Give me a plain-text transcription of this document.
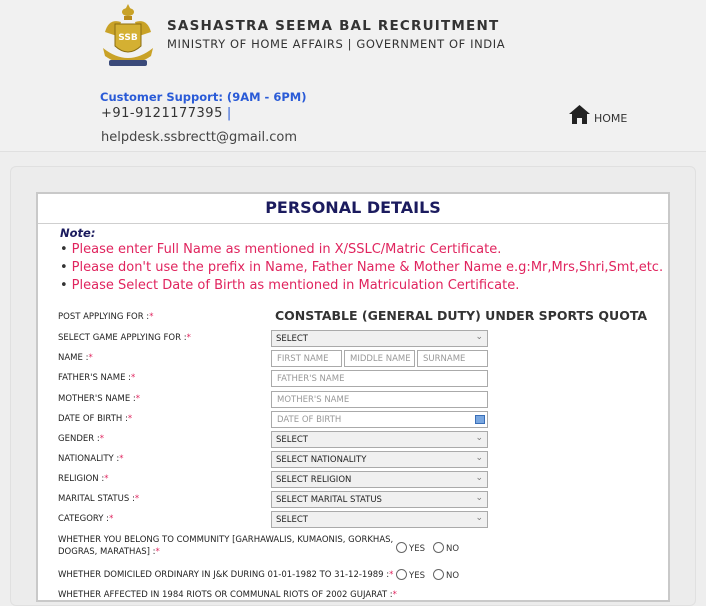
SSB
SASHASTRA SEEMA BAL RECRUITMENT
MINISTRY OF HOME AFFAIRS | GOVERNMENT OF INDIA
Customer Support: (9AM - 6PM)
+91-9121177395 |
helpdesk.ssbrectt@gmail.com
HOME
PERSONAL DETAILS
Note:
• Please enter Full Name as mentioned in X/SSLC/Matric Certificate.
• Please don't use the prefix in Name, Father Name & Mother Name e.g:Mr,Mrs,Shri,Smt,etc.
• Please Select Date of Birth as mentioned in Matriculation Certificate.
POST APPLYING FOR :*	CONSTABLE (GENERAL DUTY) UNDER SPORTS QUOTA
SELECT GAME APPLYING FOR :*	SELECT	⌄
NAME :*	FIRST NAME	MIDDLE NAME	SURNAME
FATHER'S NAME :*	FATHER'S NAME
MOTHER'S NAME :*	MOTHER'S NAME
DATE OF BIRTH :*	DATE OF BIRTH
GENDER :*	SELECT	⌄
NATIONALITY :*	SELECT NATIONALITY	⌄
RELIGION :*	SELECT RELIGION	⌄
MARITAL STATUS :*	SELECT MARITAL STATUS	⌄
CATEGORY :*	SELECT	⌄
WHETHER YOU BELONG TO COMMUNITY [GARHAWALIS, KUMAONIS, GORKHAS,
DOGRAS, MARATHAS] :*	YES NO
WHETHER DOMICILED ORDINARY IN J&K DURING 01-01-1982 TO 31-12-1989 :* YES NO
WHETHER AFFECTED IN 1984 RIOTS OR COMMUNAL RIOTS OF 2002 GUJARAT :*
